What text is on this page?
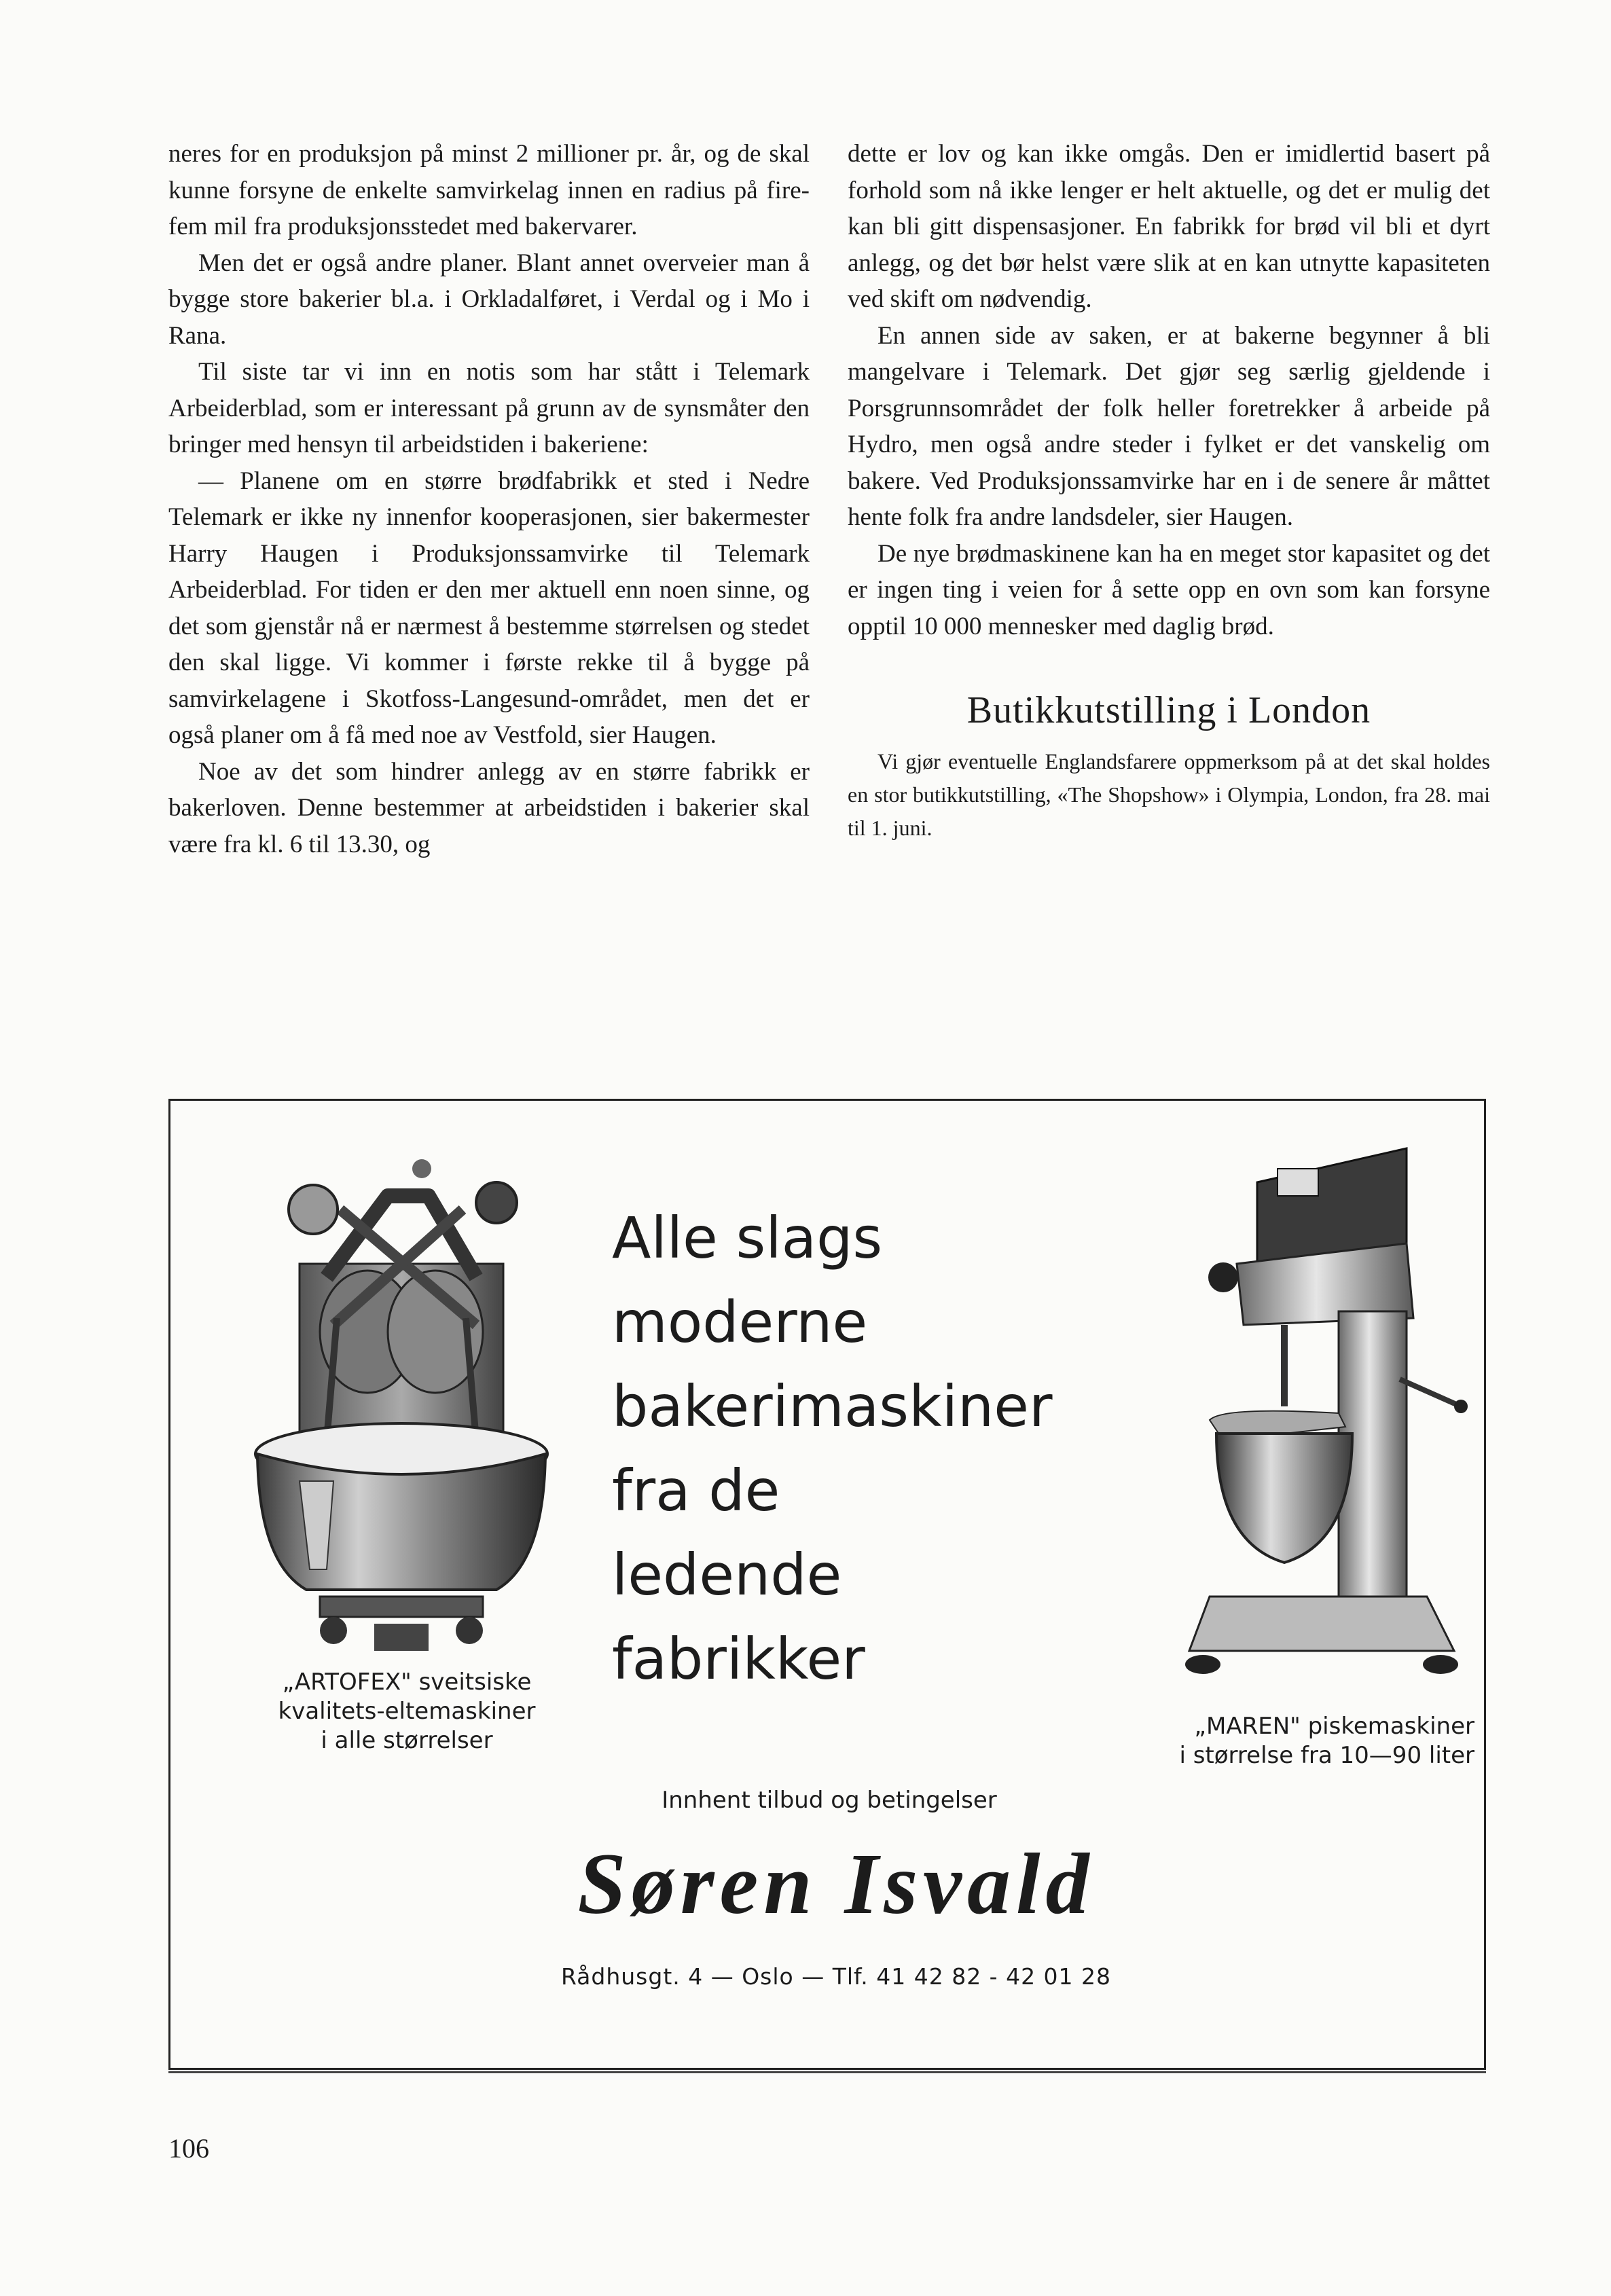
neres for en produksjon på minst 2 millioner pr. år, og de skal kunne forsyne de enkelte samvirkelag innen en radius på fire-fem mil fra produksjonsstedet med bakervarer.

Men det er også andre planer. Blant annet overveier man å bygge store bakerier bl.a. i Orkladalføret, i Verdal og i Mo i Rana.

Til siste tar vi inn en notis som har stått i Telemark Arbeiderblad, som er interessant på grunn av de synsmåter den bringer med hensyn til arbeidstiden i bakeriene:

— Planene om en større brødfabrikk et sted i Nedre Telemark er ikke ny innenfor kooperasjonen, sier bakermester Harry Haugen i Produksjonssamvirke til Telemark Arbeiderblad. For tiden er den mer aktuell enn noen sinne, og det som gjenstår nå er nærmest å bestemme størrelsen og stedet den skal ligge. Vi kommer i første rekke til å bygge på samvirkelagene i Skotfoss-Langesund-området, men det er også planer om å få med noe av Vestfold, sier Haugen.

Noe av det som hindrer anlegg av en større fabrikk er bakerloven. Denne bestemmer at arbeidstiden i bakerier skal være fra kl. 6 til 13.30, og

dette er lov og kan ikke omgås. Den er imidlertid basert på forhold som nå ikke lenger er helt aktuelle, og det er mulig det kan bli gitt dispensasjoner. En fabrikk for brød vil bli et dyrt anlegg, og det bør helst være slik at en kan utnytte kapasiteten ved skift om nødvendig.

En annen side av saken, er at bakerne begynner å bli mangelvare i Telemark. Det gjør seg særlig gjeldende i Porsgrunnsområdet der folk heller foretrekker å arbeide på Hydro, men også andre steder i fylket er det vanskelig om bakere. Ved Produksjonssamvirke har en i de senere år måttet hente folk fra andre landsdeler, sier Haugen.

De nye brødmaskinene kan ha en meget stor kapasitet og det er ingen ting i veien for å sette opp en ovn som kan forsyne opptil 10 000 mennesker med daglig brød.

Butikkutstilling i London

Vi gjør eventuelle Englandsfarere oppmerksom på at det skal holdes en stor butikkutstilling, «The Shopshow» i Olympia, London, fra 28. mai til 1. juni.

Alle slags
moderne
bakerimaskiner
fra de ledende
fabrikker
„ARTOFEX" sveitsiske
kvalitets-eltemaskiner
i alle størrelser
„MAREN" piskemaskiner
i størrelse fra 10—90 liter
Innhent tilbud og betingelser
Søren Isvald
Rådhusgt. 4 — Oslo — Tlf. 41 42 82 - 42 01 28
106
